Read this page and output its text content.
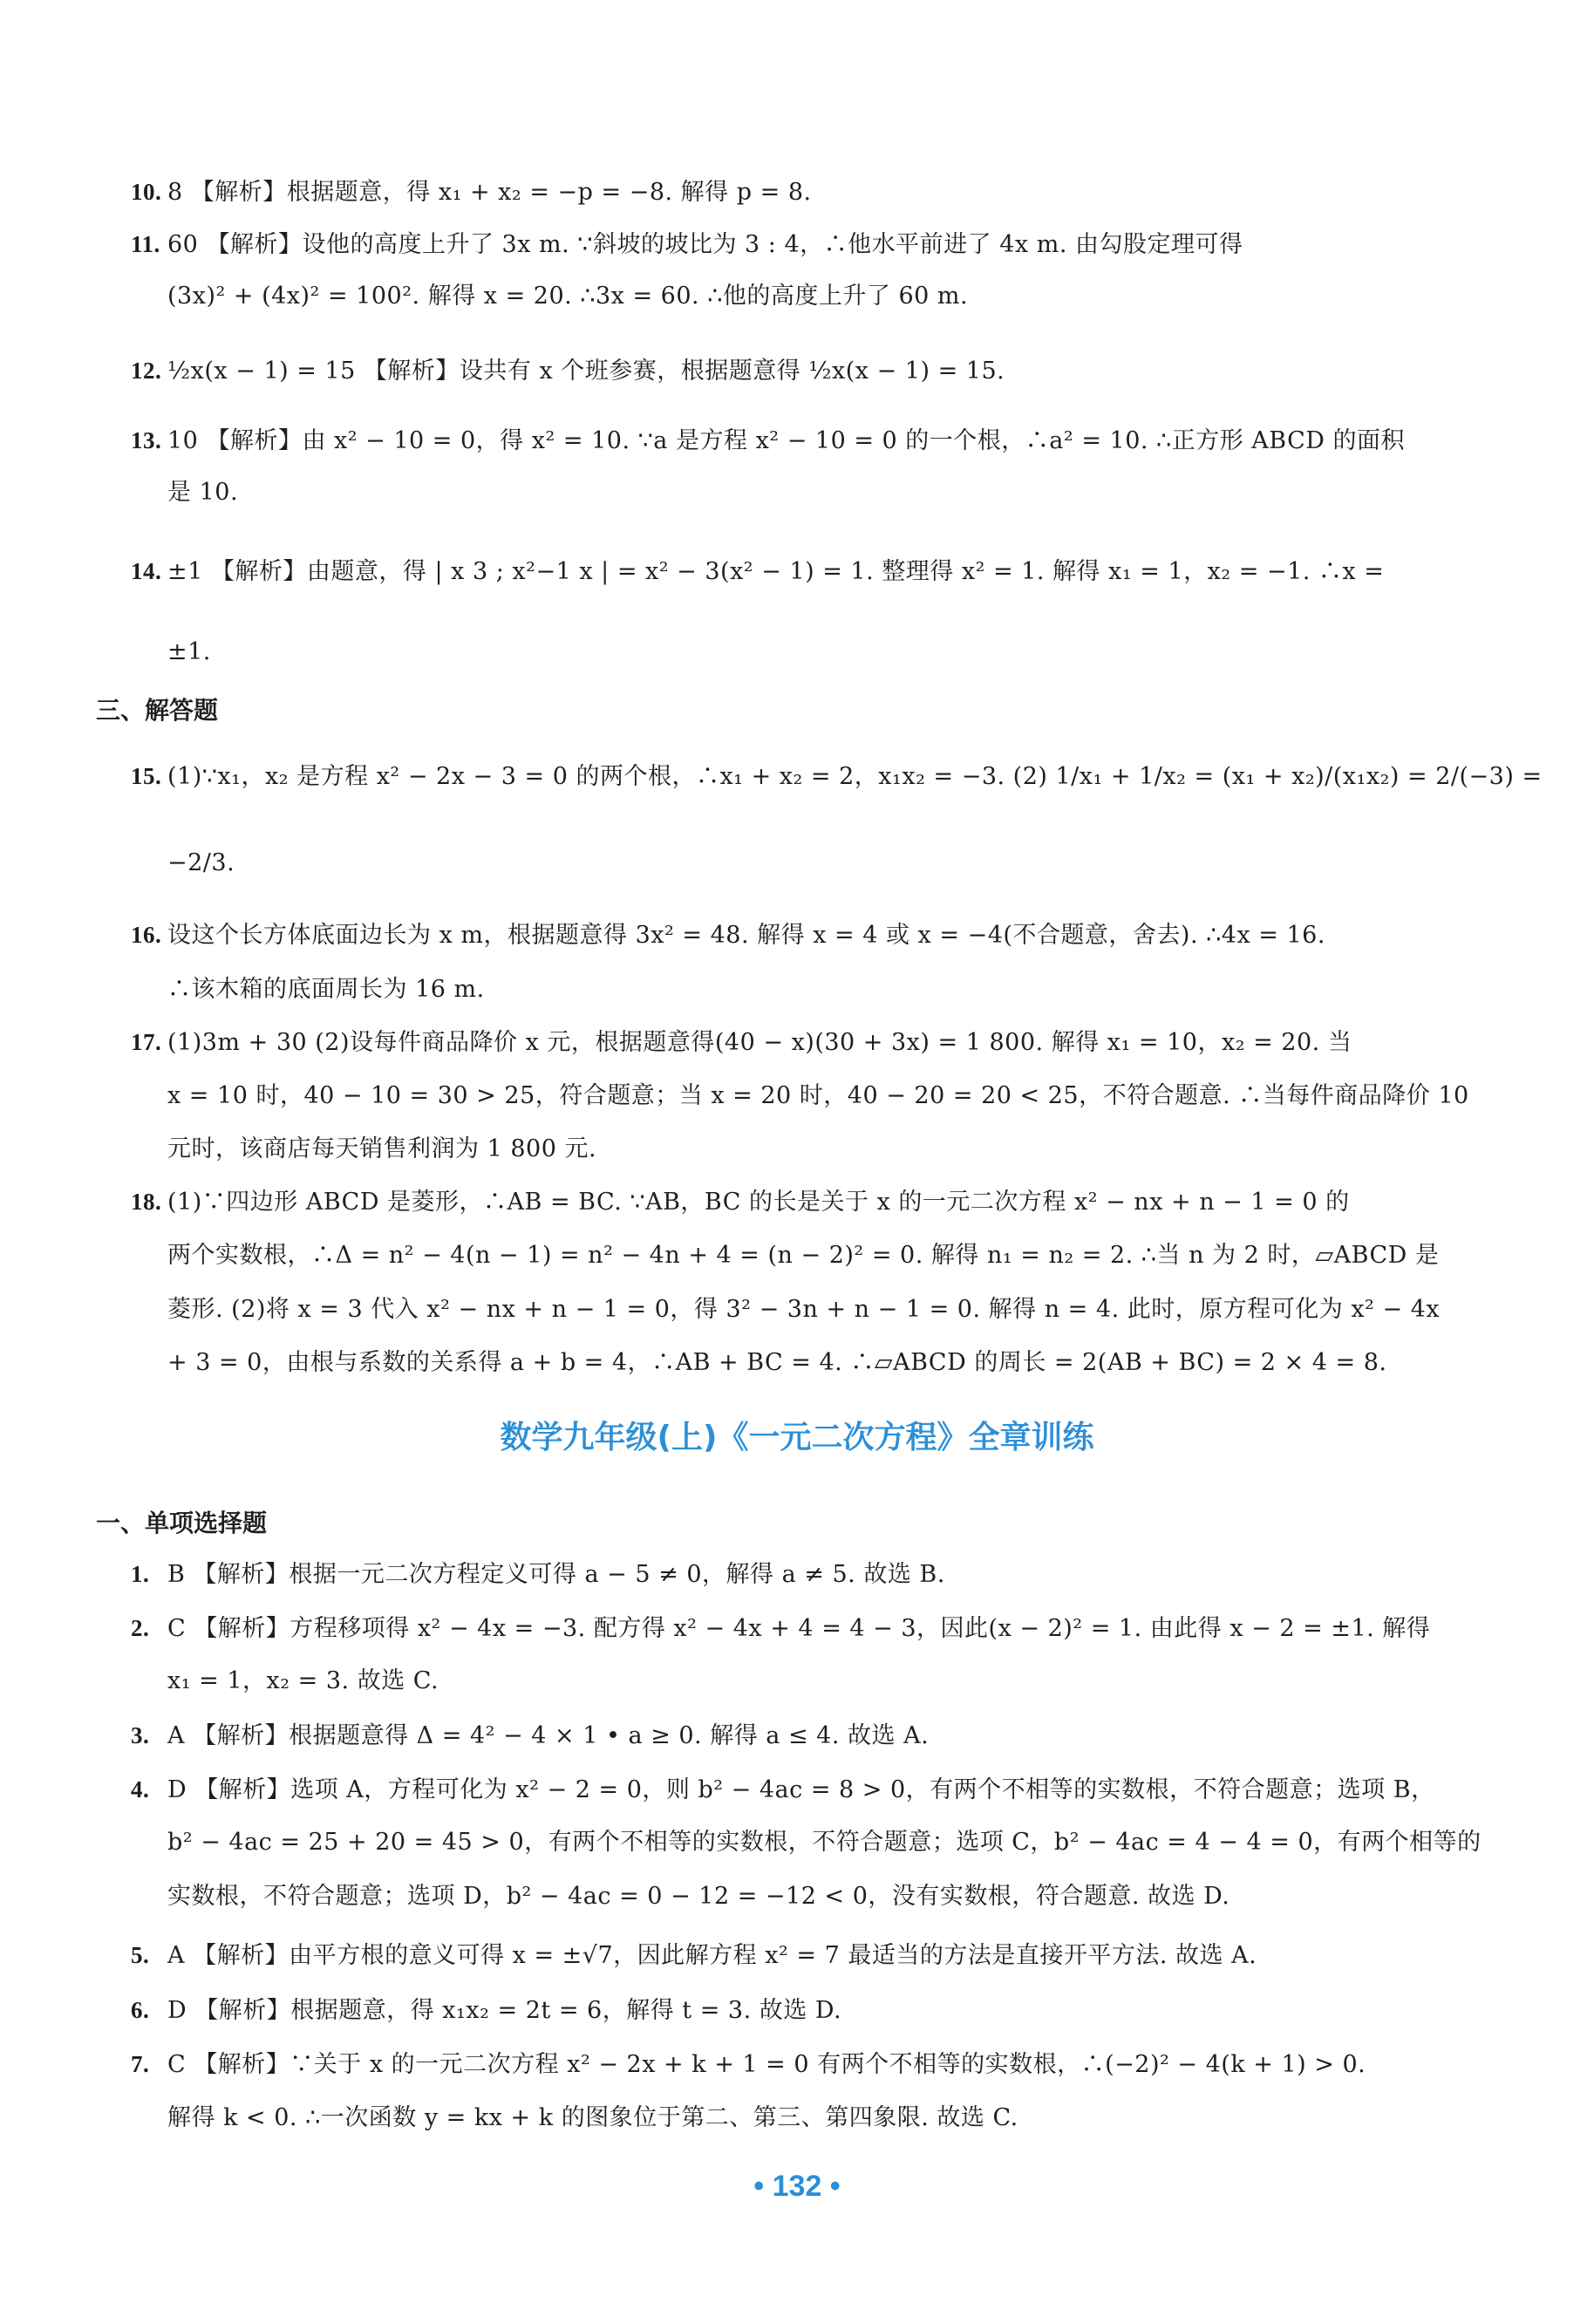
10. 8 【解析】根据题意，得 x₁ + x₂ = −p = −8. 解得 p = 8.
11. 60 【解析】设他的高度上升了 3x m. ∵斜坡的坡比为 3 : 4，∴他水平前进了 4x m. 由勾股定理可得
(3x)² + (4x)² = 100². 解得 x = 20. ∴3x = 60. ∴他的高度上升了 60 m.
12. ½x(x − 1) = 15 【解析】设共有 x 个班参赛，根据题意得 ½x(x − 1) = 15.
13. 10 【解析】由 x² − 10 = 0，得 x² = 10. ∵a 是方程 x² − 10 = 0 的一个根，∴a² = 10. ∴正方形 ABCD 的面积
是 10.
14. ±1 【解析】由题意，得 | x 3 ; x²−1 x | = x² − 3(x² − 1) = 1. 整理得 x² = 1. 解得 x₁ = 1，x₂ = −1. ∴x =
±1.
三、解答题
15. (1)∵x₁，x₂ 是方程 x² − 2x − 3 = 0 的两个根，∴x₁ + x₂ = 2，x₁x₂ = −3. (2) 1/x₁ + 1/x₂ = (x₁ + x₂)/(x₁x₂) = 2/(−3) =
−2/3.
16. 设这个长方体底面边长为 x m，根据题意得 3x² = 48. 解得 x = 4 或 x = −4(不合题意，舍去). ∴4x = 16.
∴该木箱的底面周长为 16 m.
17. (1)3m + 30 (2)设每件商品降价 x 元，根据题意得(40 − x)(30 + 3x) = 1 800. 解得 x₁ = 10，x₂ = 20. 当
x = 10 时，40 − 10 = 30 > 25，符合题意；当 x = 20 时，40 − 20 = 20 < 25，不符合题意. ∴当每件商品降价 10
元时，该商店每天销售利润为 1 800 元.
18. (1)∵四边形 ABCD 是菱形，∴AB = BC. ∵AB，BC 的长是关于 x 的一元二次方程 x² − nx + n − 1 = 0 的
两个实数根，∴Δ = n² − 4(n − 1) = n² − 4n + 4 = (n − 2)² = 0. 解得 n₁ = n₂ = 2. ∴当 n 为 2 时，▱ABCD 是
菱形. (2)将 x = 3 代入 x² − nx + n − 1 = 0，得 3² − 3n + n − 1 = 0. 解得 n = 4. 此时，原方程可化为 x² − 4x
+ 3 = 0，由根与系数的关系得 a + b = 4，∴AB + BC = 4. ∴▱ABCD 的周长 = 2(AB + BC) = 2 × 4 = 8.
数学九年级(上)《一元二次方程》全章训练
一、单项选择题
1. B 【解析】根据一元二次方程定义可得 a − 5 ≠ 0，解得 a ≠ 5. 故选 B.
2. C 【解析】方程移项得 x² − 4x = −3. 配方得 x² − 4x + 4 = 4 − 3，因此(x − 2)² = 1. 由此得 x − 2 = ±1. 解得
x₁ = 1，x₂ = 3. 故选 C.
3. A 【解析】根据题意得 Δ = 4² − 4 × 1 • a ≥ 0. 解得 a ≤ 4. 故选 A.
4. D 【解析】选项 A，方程可化为 x² − 2 = 0，则 b² − 4ac = 8 > 0，有两个不相等的实数根，不符合题意；选项 B，
b² − 4ac = 25 + 20 = 45 > 0，有两个不相等的实数根，不符合题意；选项 C，b² − 4ac = 4 − 4 = 0，有两个相等的
实数根，不符合题意；选项 D，b² − 4ac = 0 − 12 = −12 < 0，没有实数根，符合题意. 故选 D.
5. A 【解析】由平方根的意义可得 x = ±√7，因此解方程 x² = 7 最适当的方法是直接开平方法. 故选 A.
6. D 【解析】根据题意，得 x₁x₂ = 2t = 6，解得 t = 3. 故选 D.
7. C 【解析】∵关于 x 的一元二次方程 x² − 2x + k + 1 = 0 有两个不相等的实数根，∴(−2)² − 4(k + 1) > 0.
解得 k < 0. ∴一次函数 y = kx + k 的图象位于第二、第三、第四象限. 故选 C.
• 132 •
